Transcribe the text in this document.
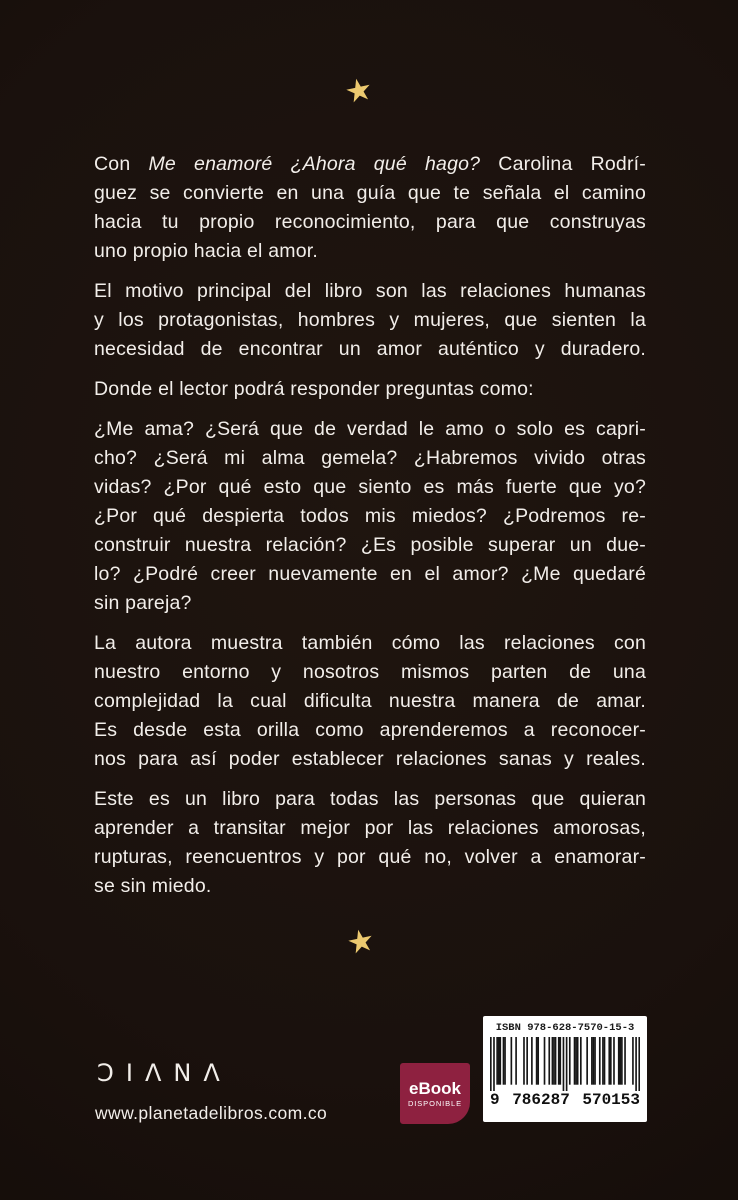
★
Con Me enamoré ¿Ahora qué hago? Carolina Rodrí-
guez se convierte en una guía que te señala el camino
hacia tu propio reconocimiento, para que construyas
uno propio hacia el amor.
El motivo principal del libro son las relaciones humanas
y los protagonistas, hombres y mujeres, que sienten la
necesidad de encontrar un amor auténtico y duradero.
Donde el lector podrá responder preguntas como:
¿Me ama? ¿Será que de verdad le amo o solo es capri-
cho? ¿Será mi alma gemela? ¿Habremos vivido otras
vidas? ¿Por qué esto que siento es más fuerte que yo?
¿Por qué despierta todos mis miedos? ¿Podremos re-
construir nuestra relación? ¿Es posible superar un due-
lo? ¿Podré creer nuevamente en el amor? ¿Me quedaré
sin pareja?
La autora muestra también cómo las relaciones con
nuestro entorno y nosotros mismos parten de una
complejidad la cual dificulta nuestra manera de amar.
Es desde esta orilla como aprenderemos a reconocer-
nos para así poder establecer relaciones sanas y reales.
Este es un libro para todas las personas que quieran
aprender a transitar mejor por las relaciones amorosas,
rupturas, reencuentros y por qué no, volver a enamorar-
se sin miedo.
★
ƆIΛNΛ
www.planetadelibros.com.co
eBook
DISPONIBLE
ISBN 978-628-7570-15-3
9 786287 570153
